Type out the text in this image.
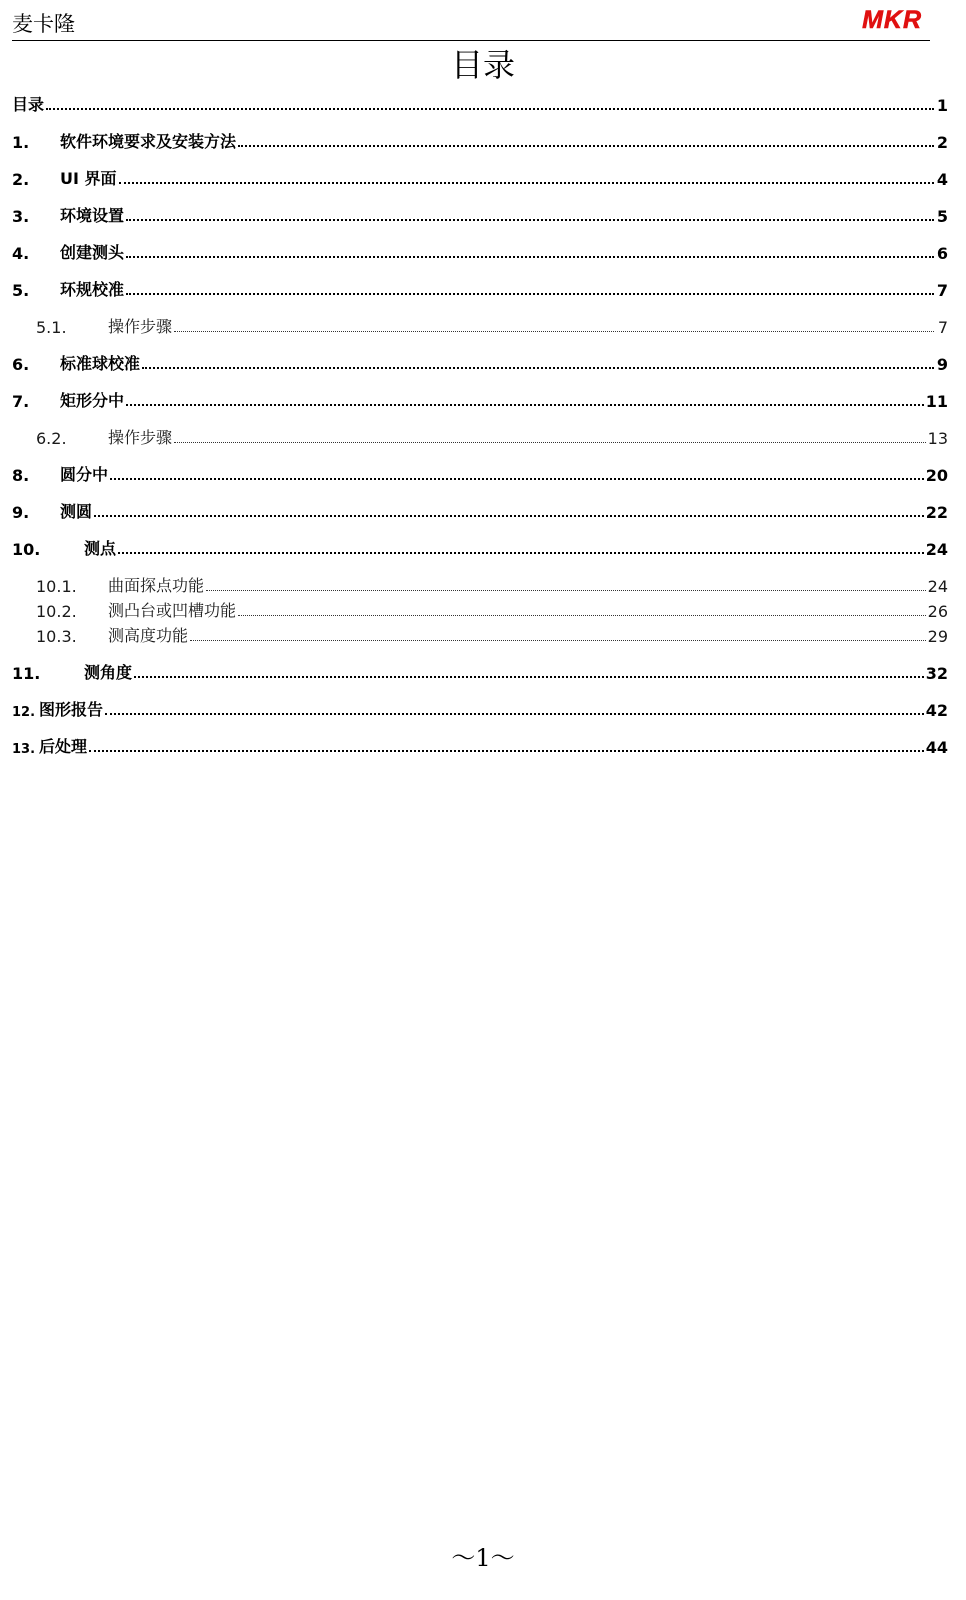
麦卡隆	MKR
目录
目录	1
1.	软件环境要求及安装方法	2
2.	UI 界面	4
3.	环境设置	5
4.	创建测头	6
5.	环规校准	7
5.1.	操作步骤	7
6.	标准球校准	9
7.	矩形分中	11
6.2.	操作步骤	13
8.	圆分中	20
9.	测圆	22
10.	测点	24
10.1.	曲面探点功能	24
10.2.	测凸台或凹槽功能	26
10.3.	测高度功能	29
11.	测角度	32
12. 图形报告	42
13. 后处理	44
～1～
